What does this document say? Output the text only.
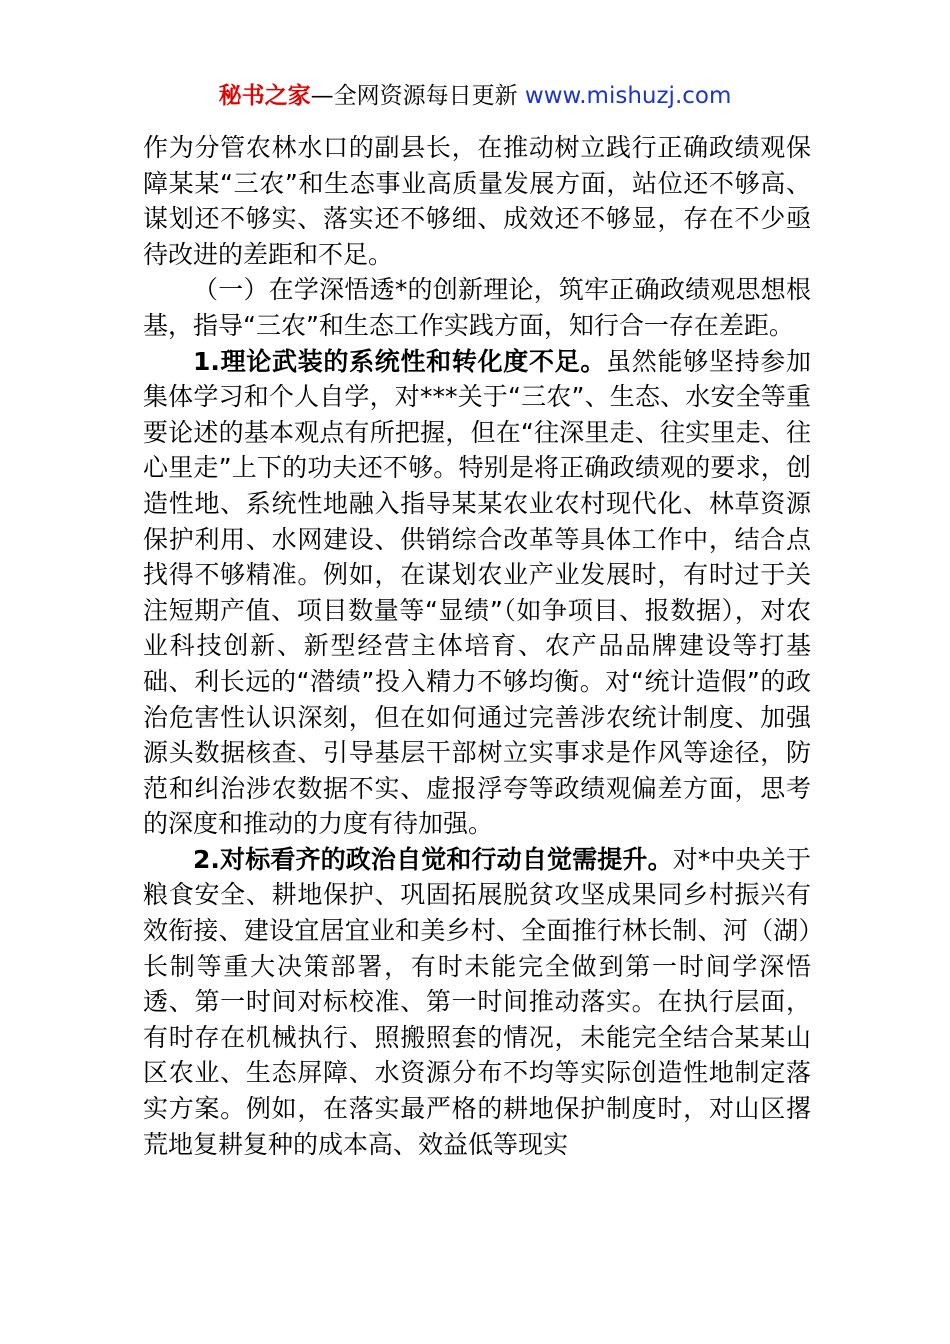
秘书之家—全网资源每日更新 www.mishuzj.com

作为分管农林水口的副县长，在推动树立践行正确政绩观保障某某“三农”和生态事业高质量发展方面，站位还不够高、谋划还不够实、落实还不够细、成效还不够显，存在不少亟待改进的差距和不足。

（一）在学深悟透*的创新理论，筑牢正确政绩观思想根基，指导“三农”和生态工作实践方面，知行合一存在差距。

1.理论武装的系统性和转化度不足。虽然能够坚持参加集体学习和个人自学，对***关于“三农”、生态、水安全等重要论述的基本观点有所把握，但在“往深里走、往实里走、往心里走”上下的功夫还不够。特别是将正确政绩观的要求，创造性地、系统性地融入指导某某农业农村现代化、林草资源保护利用、水网建设、供销综合改革等具体工作中，结合点找得不够精准。例如，在谋划农业产业发展时，有时过于关注短期产值、项目数量等“显绩”（如争项目、报数据），对农业科技创新、新型经营主体培育、农产品品牌建设等打基础、利长远的“潜绩”投入精力不够均衡。对“统计造假”的政治危害性认识深刻，但在如何通过完善涉农统计制度、加强源头数据核查、引导基层干部树立实事求是作风等途径，防范和纠治涉农数据不实、虚报浮夸等政绩观偏差方面，思考的深度和推动的力度有待加强。

2.对标看齐的政治自觉和行动自觉需提升。对*中央关于粮食安全、耕地保护、巩固拓展脱贫攻坚成果同乡村振兴有效衔接、建设宜居宜业和美乡村、全面推行林长制、河（湖）长制等重大决策部署，有时未能完全做到第一时间学深悟透、第一时间对标校准、第一时间推动落实。在执行层面，有时存在机械执行、照搬照套的情况，未能完全结合某某山区农业、生态屏障、水资源分布不均等实际创造性地制定落实方案。例如，在落实最严格的耕地保护制度时，对山区撂荒地复耕复种的成本高、效益低等现实
